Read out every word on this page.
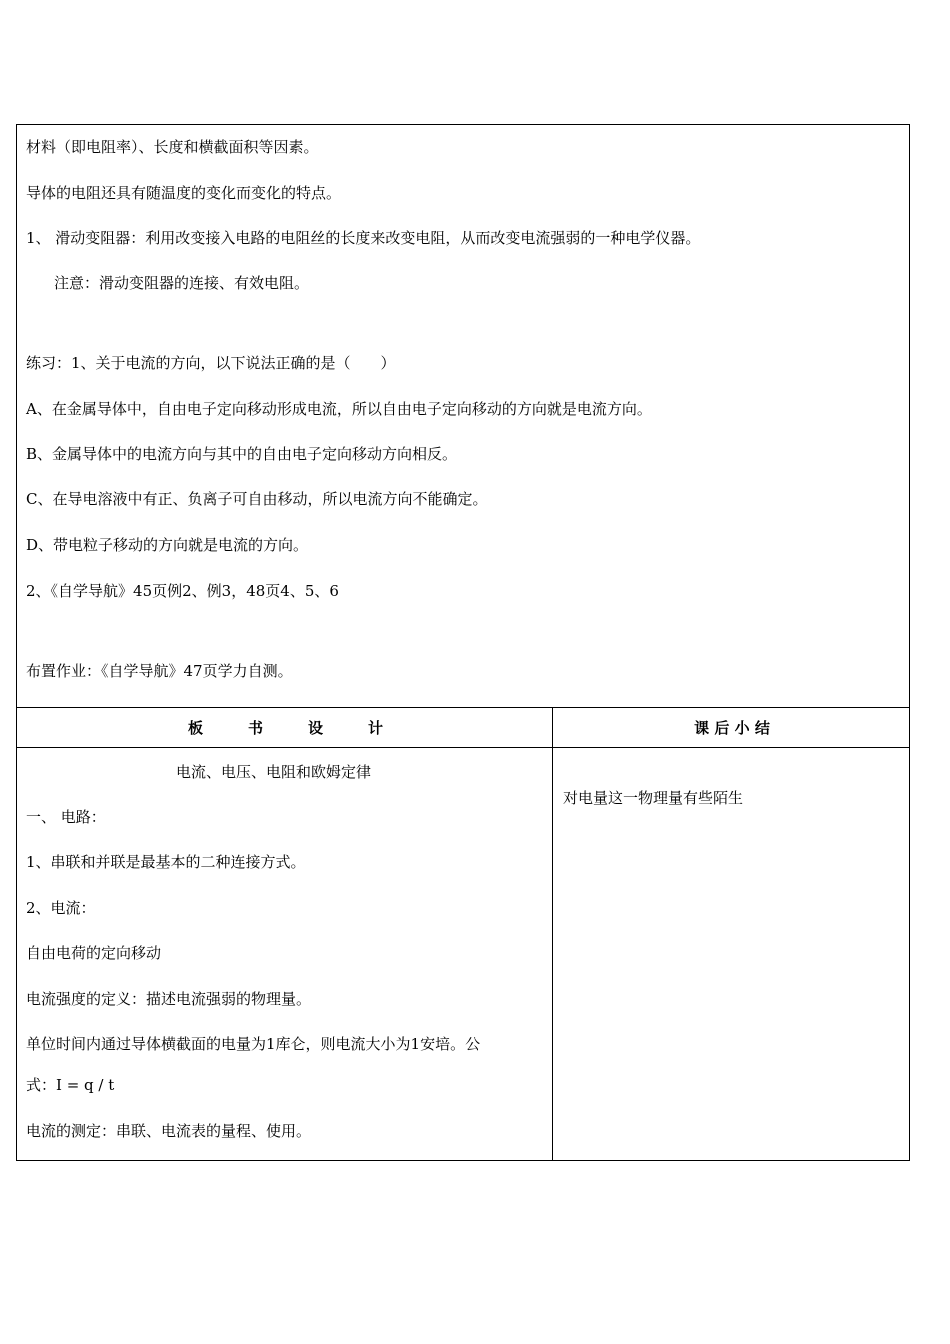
材料（即电阻率）、长度和横截面积等因素。
导体的电阻还具有随温度的变化而变化的特点。
1、 滑动变阻器：利用改变接入电路的电阻丝的长度来改变电阻，从而改变电流强弱的一种电学仪器。
注意：滑动变阻器的连接、有效电阻。
练习：1、关于电流的方向，以下说法正确的是（　　）
A、在金属导体中，自由电子定向移动形成电流，所以自由电子定向移动的方向就是电流方向。
B、金属导体中的电流方向与其中的自由电子定向移动方向相反。
C、在导电溶液中有正、负离子可自由移动，所以电流方向不能确定。
D、带电粒子移动的方向就是电流的方向。
2、《自学导航》45页例2、例3，48页4、5、6
布置作业：《自学导航》47页学力自测。
板　　　书　　　设　　　计	课 后 小 结
电流、电压、电阻和欧姆定律
一、 电路：
1、串联和并联是最基本的二种连接方式。
2、电流：
自由电荷的定向移动
电流强度的定义：描述电流强弱的物理量。
单位时间内通过导体横截面的电量为1库仑，则电流大小为1安培。公
式：I = q / t
电流的测定：串联、电流表的量程、使用。
对电量这一物理量有些陌生
